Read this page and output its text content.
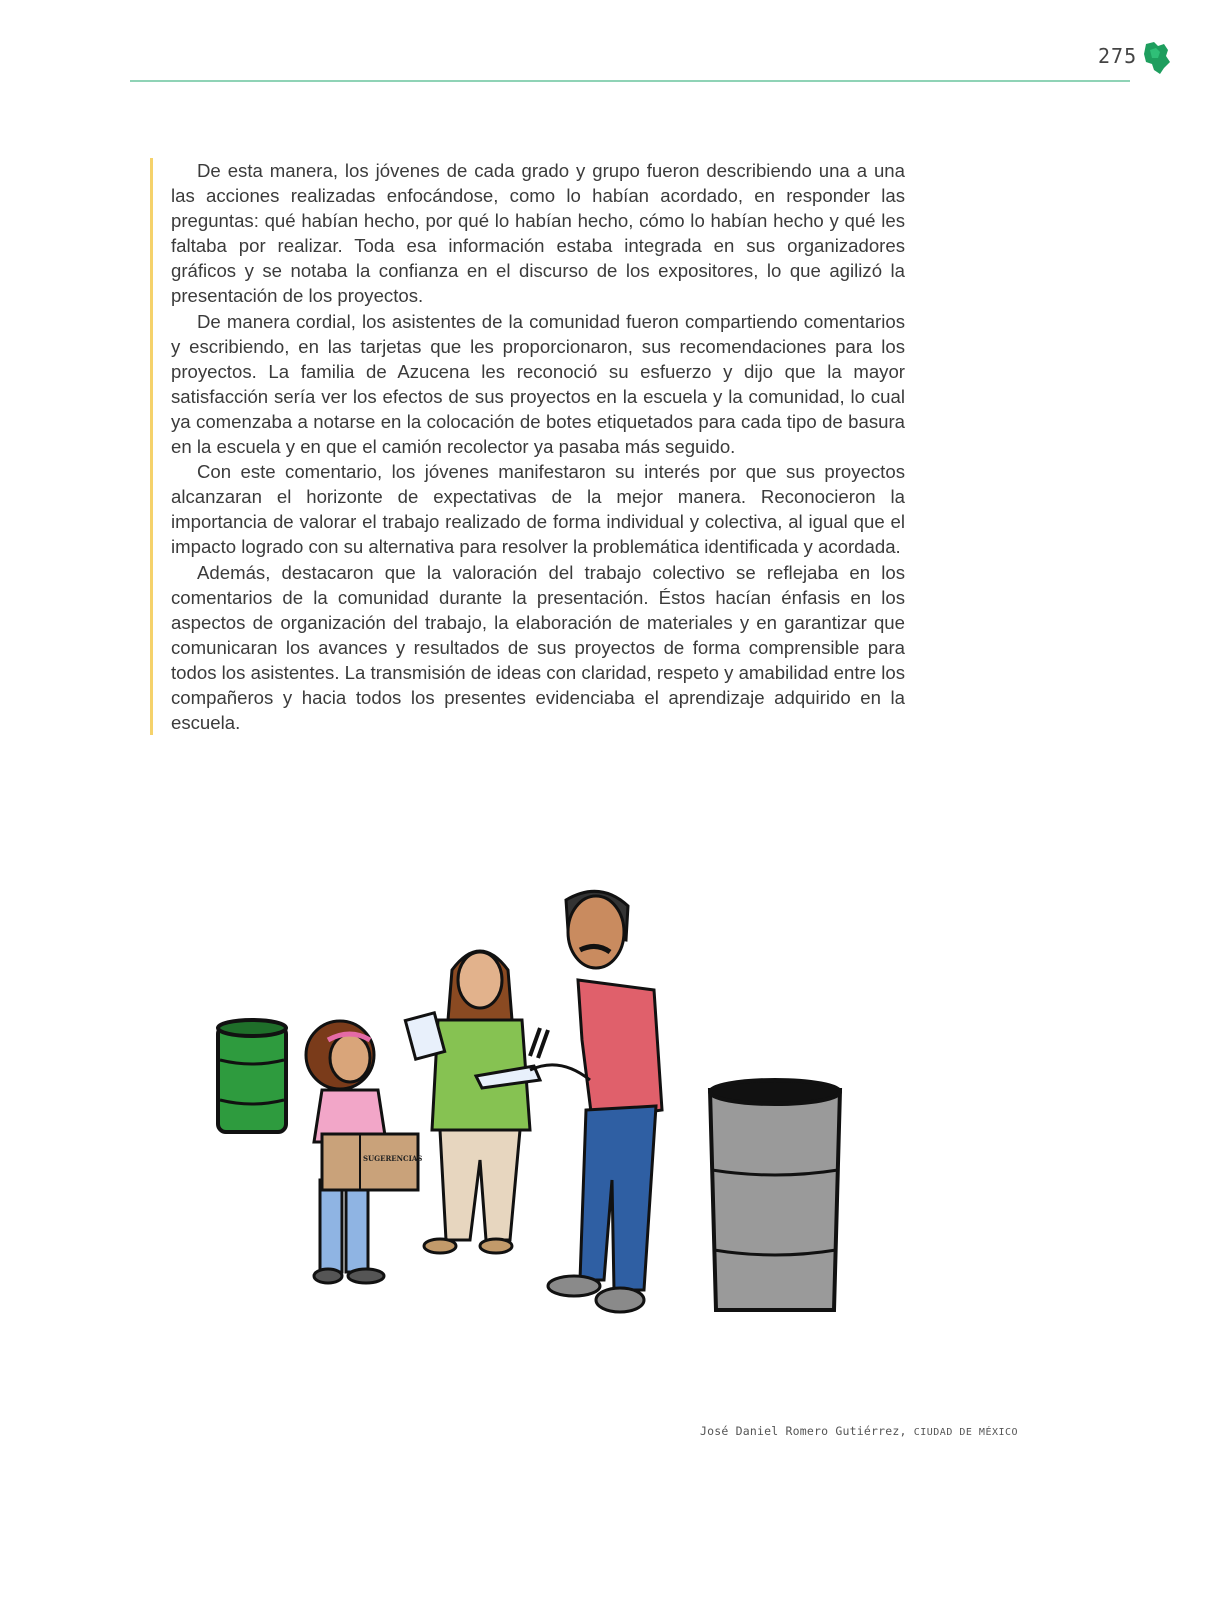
275

De esta manera, los jóvenes de cada grado y grupo fueron describiendo una a una las acciones realizadas enfocándose, como lo habían acordado, en responder las preguntas: qué habían hecho, por qué lo habían hecho, cómo lo habían hecho y qué les faltaba por realizar. Toda esa información estaba integrada en sus organizadores gráficos y se notaba la confianza en el discurso de los expositores, lo que agilizó la presentación de los proyectos.

De manera cordial, los asistentes de la comunidad fueron compartiendo comentarios y escribiendo, en las tarjetas que les proporcionaron, sus recomendaciones para los proyectos. La familia de Azucena les reconoció su esfuerzo y dijo que la mayor satisfacción sería ver los efectos de sus proyectos en la escuela y la comunidad, lo cual ya comenzaba a notarse en la colocación de botes etiquetados para cada tipo de basura en la escuela y en que el camión recolector ya pasaba más seguido.

Con este comentario, los jóvenes manifestaron su interés por que sus proyectos alcanzaran el horizonte de expectativas de la mejor manera. Reconocieron la importancia de valorar el trabajo realizado de forma individual y colectiva, al igual que el impacto logrado con su alternativa para resolver la problemática identificada y acordada.

Además, destacaron que la valoración del trabajo colectivo se reflejaba en los comentarios de la comunidad durante la presentación. Éstos hacían énfasis en los aspectos de organización del trabajo, la elaboración de materiales y en garantizar que comunicaran los avances y resultados de sus proyectos de forma comprensible para todos los asistentes. La transmisión de ideas con claridad, respeto y amabilidad entre los compañeros y hacia todos los presentes evidenciaba el aprendizaje adquirido en la escuela.

SUGERENCIAS
José Daniel Romero Gutiérrez, CIUDAD DE MÉXICO
